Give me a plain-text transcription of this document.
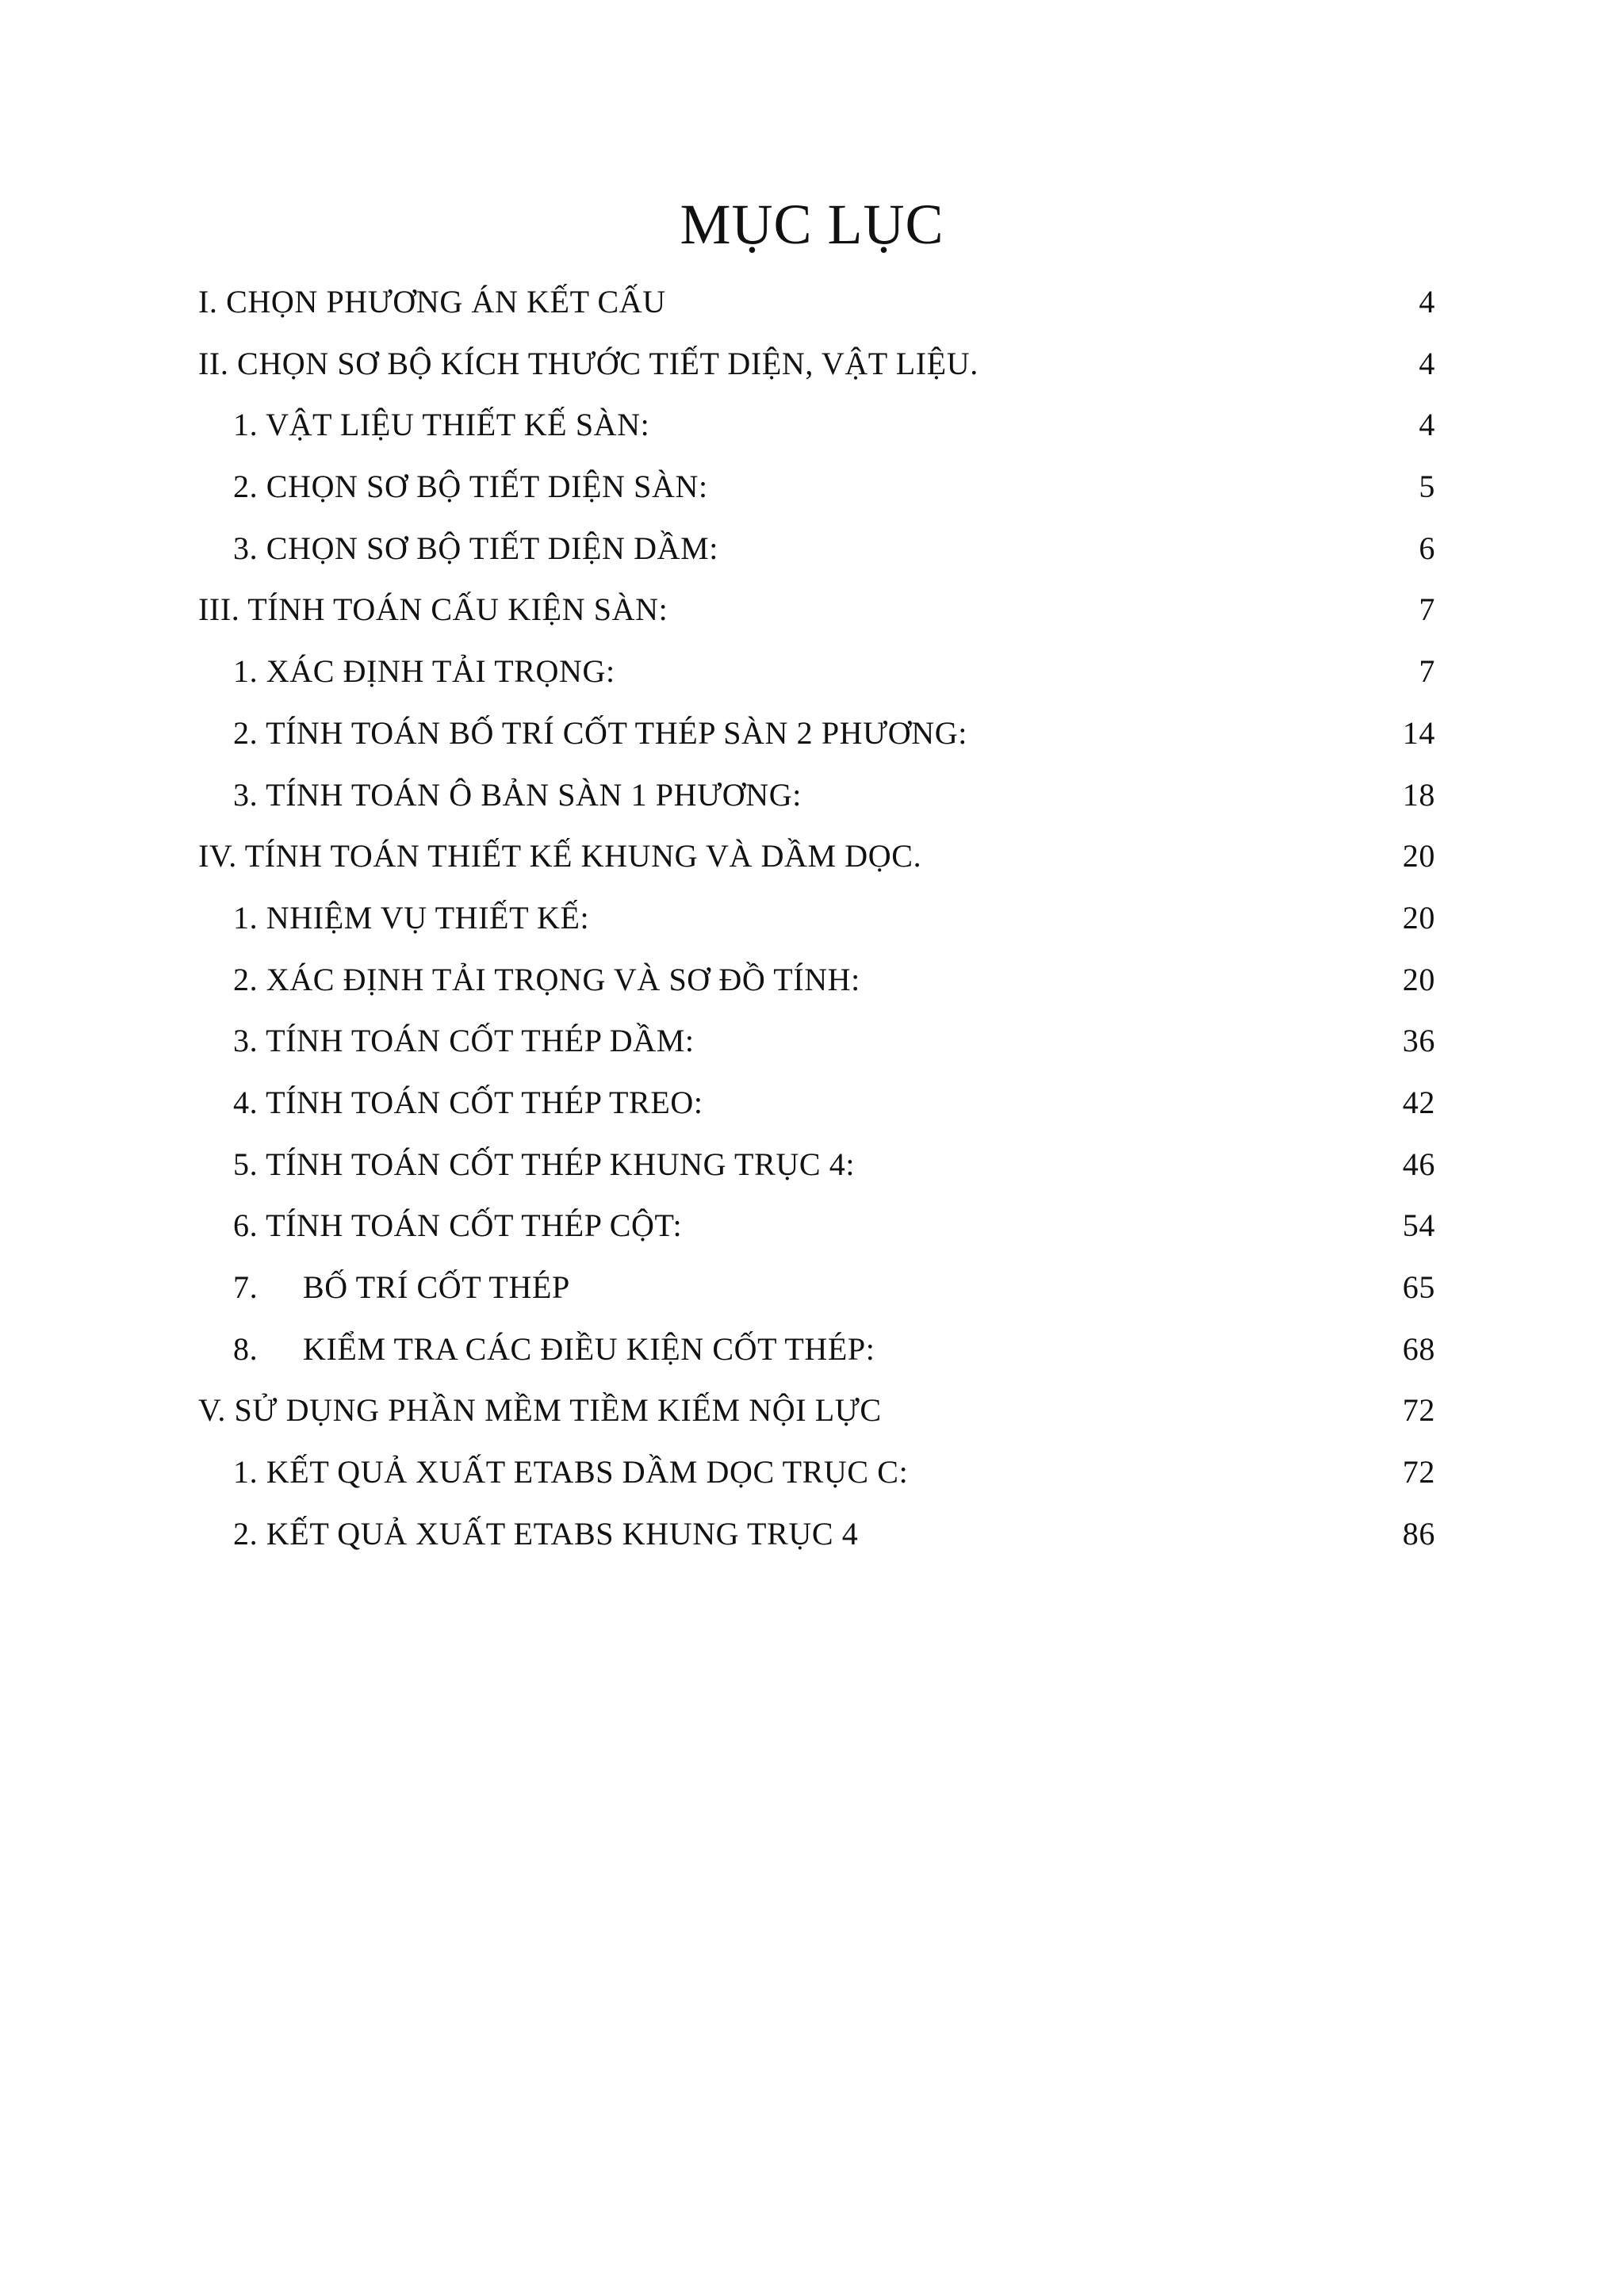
MỤC LỤC
I. CHỌN PHƯƠNG ÁN KẾT CẤU .....	4
II. CHỌN SƠ BỘ KÍCH THƯỚC TIẾT DIỆN, VẬT LIỆU. .....	4
1. VẬT LIỆU THIẾT KẾ SÀN: .....	4
2. CHỌN SƠ BỘ TIẾT DIỆN SÀN: .....	5
3. CHỌN SƠ BỘ TIẾT DIỆN DẦM: .....	6
III. TÍNH TOÁN CẤU KIỆN SÀN: .....	7
1. XÁC ĐỊNH TẢI TRỌNG: .....	7
2. TÍNH TOÁN BỐ TRÍ CỐT THÉP SÀN 2 PHƯƠNG: .....	14
3. TÍNH TOÁN Ô BẢN SÀN 1 PHƯƠNG: .....	18
IV. TÍNH TOÁN THIẾT KẾ KHUNG VÀ DẦM DỌC. .....	20
1. NHIỆM VỤ THIẾT KẾ: .....	20
2. XÁC ĐỊNH TẢI TRỌNG VÀ SƠ ĐỒ TÍNH: .....	20
3. TÍNH TOÁN CỐT THÉP DẦM: .....	36
4. TÍNH TOÁN CỐT THÉP TREO: .....	42
5. TÍNH TOÁN CỐT THÉP KHUNG TRỤC 4: .....	46
6. TÍNH TOÁN CỐT THÉP CỘT: .....	54
7.	BỐ TRÍ CỐT THÉP .....	65
8.	KIỂM TRA CÁC ĐIỀU KIỆN CỐT THÉP: .....	68
V. SỬ DỤNG PHẦN MỀM TIỀM KIẾM NỘI LỰC .....	72
1. KẾT QUẢ XUẤT ETABS DẦM DỌC TRỤC C: .....	72
2. KẾT QUẢ XUẤT ETABS KHUNG TRỤC 4 .....	86
